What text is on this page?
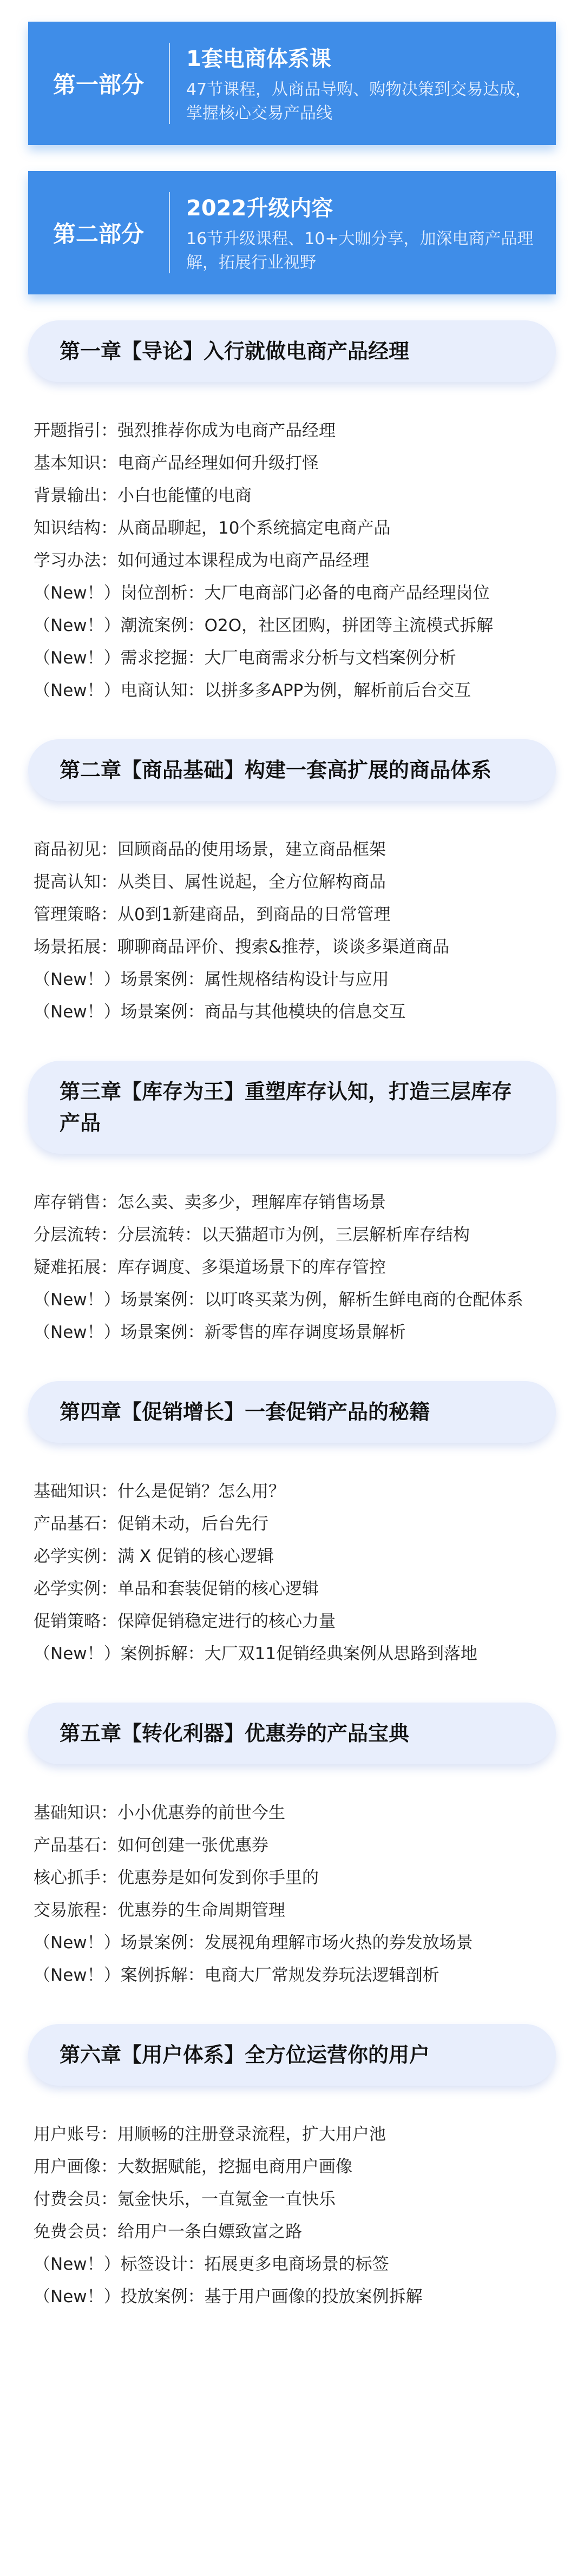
第一部分
1套电商体系课
47节课程，从商品导购、购物决策到交易达成，掌握核心交易产品线
第二部分
2022升级内容
16节升级课程、10+大咖分享，加深电商产品理解，拓展行业视野
第一章【导论】入行就做电商产品经理
开题指引：强烈推荐你成为电商产品经理
基本知识：电商产品经理如何升级打怪
背景输出：小白也能懂的电商
知识结构：从商品聊起，10个系统搞定电商产品
学习办法：如何通过本课程成为电商产品经理
（New！）岗位剖析：大厂电商部门必备的电商产品经理岗位
（New！）潮流案例：O2O，社区团购，拼团等主流模式拆解
（New！）需求挖掘：大厂电商需求分析与文档案例分析
（New！）电商认知：以拼多多APP为例，解析前后台交互
第二章【商品基础】构建一套高扩展的商品体系
商品初见：回顾商品的使用场景，建立商品框架
提高认知：从类目、属性说起，全方位解构商品
管理策略：从0到1新建商品，到商品的日常管理
场景拓展：聊聊商品评价、搜索&推荐，谈谈多渠道商品
（New！）场景案例：属性规格结构设计与应用
（New！）场景案例：商品与其他模块的信息交互
第三章【库存为王】重塑库存认知，打造三层库存产品
库存销售：怎么卖、卖多少，理解库存销售场景
分层流转：分层流转：以天猫超市为例，三层解析库存结构
疑难拓展：库存调度、多渠道场景下的库存管控
（New！）场景案例：以叮咚买菜为例，解析生鲜电商的仓配体系
（New！）场景案例：新零售的库存调度场景解析
第四章【促销增长】一套促销产品的秘籍
基础知识：什么是促销？怎么用？
产品基石：促销未动，后台先行
必学实例：满 X 促销的核心逻辑
必学实例：单品和套装促销的核心逻辑
促销策略：保障促销稳定进行的核心力量
（New！）案例拆解：大厂双11促销经典案例从思路到落地
第五章【转化利器】优惠券的产品宝典
基础知识：小小优惠券的前世今生
产品基石：如何创建一张优惠券
核心抓手：优惠券是如何发到你手里的
交易旅程：优惠券的生命周期管理
（New！）场景案例：发展视角理解市场火热的券发放场景
（New！）案例拆解：电商大厂常规发券玩法逻辑剖析
第六章【用户体系】全方位运营你的用户
用户账号：用顺畅的注册登录流程，扩大用户池
用户画像：大数据赋能，挖掘电商用户画像
付费会员：氪金快乐，一直氪金一直快乐
免费会员：给用户一条白嫖致富之路
（New！）标签设计：拓展更多电商场景的标签
（New！）投放案例：基于用户画像的投放案例拆解
